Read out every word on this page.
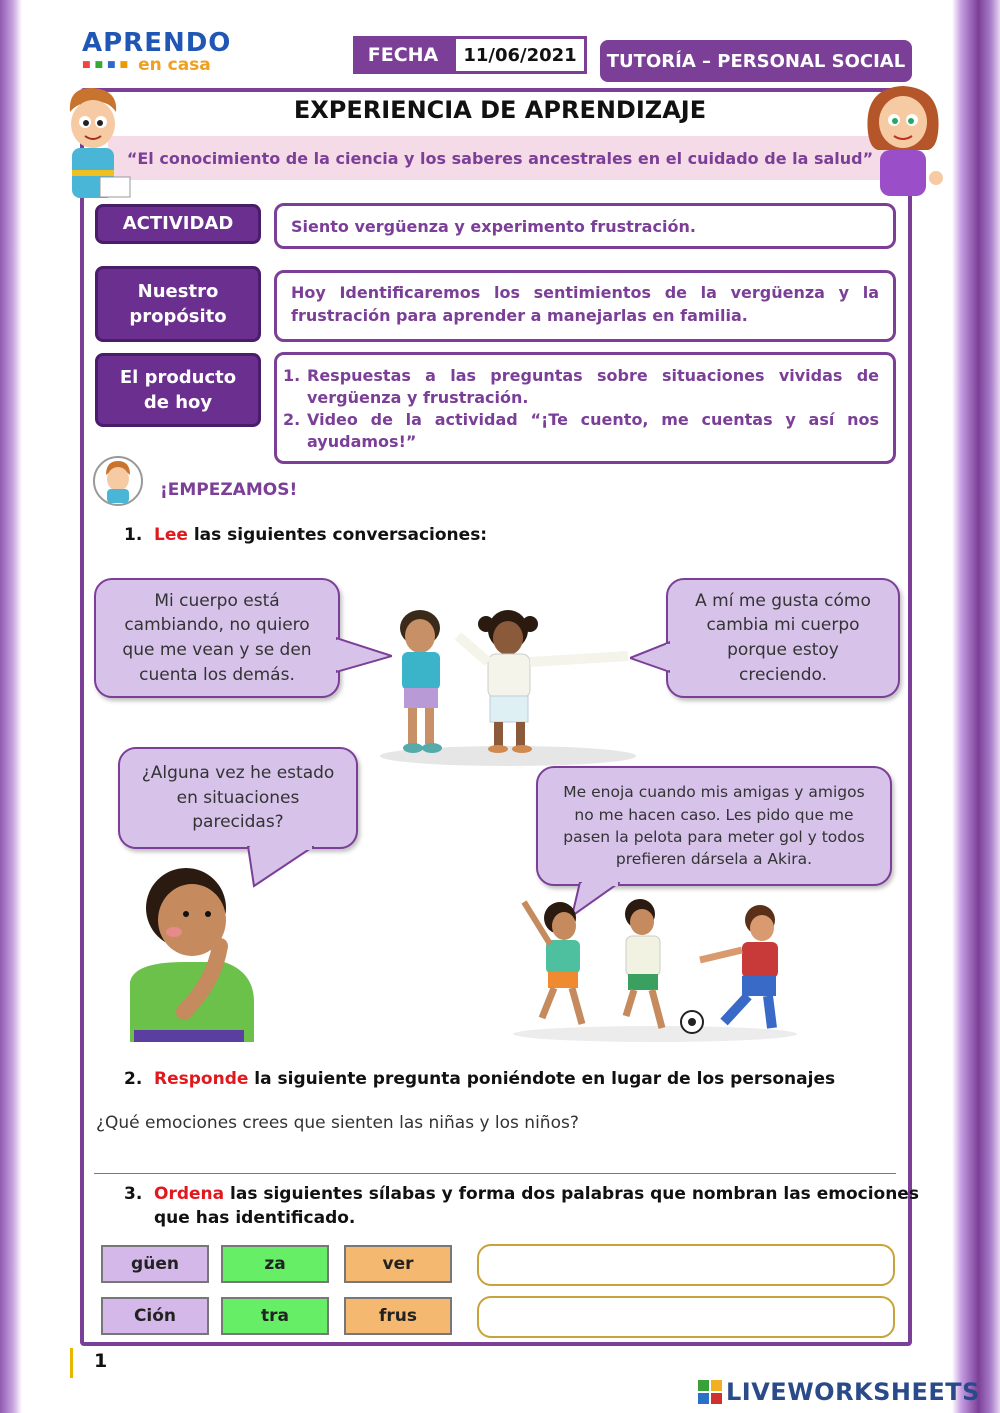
APRENDO
■ ■ ■ ■ en casa	FECHA	11/06/2021	TUTORÍA – PERSONAL SOCIAL
EXPERIENCIA DE APRENDIZAJE
“El conocimiento de la ciencia y los saberes ancestrales en el cuidado de la salud”
ACTIVIDAD	Siento vergüenza y experimento frustración.
Nuestro
propósito
Hoy Identificaremos los sentimientos de la vergüenza y la frustración para aprender a manejarlas en familia.
El producto
de hoy
1. Respuestas a las preguntas sobre situaciones vividas de vergüenza y frustración.
2. Video de la actividad “¡Te cuento, me cuentas y así nos ayudamos!”
¡EMPEZAMOS!
1. Lee las siguientes conversaciones:
Mi cuerpo está cambiando, no quiero que me vean y se den cuenta los demás.
A mí me gusta cómo cambia mi cuerpo porque estoy creciendo.
¿Alguna vez he estado en situaciones parecidas?
Me enoja cuando mis amigas y amigos no me hacen caso. Les pido que me pasen la pelota para meter gol y todos prefieren dársela a Akira.
2. Responde la siguiente pregunta poniéndote en lugar de los personajes
¿Qué emociones crees que sienten las niñas y los niños?
3. Ordena las siguientes sílabas y forma dos palabras que nombran las emociones
que has identificado.
güen	za	ver
Ción	tra	frus
1
LIVEWORKSHEETS
